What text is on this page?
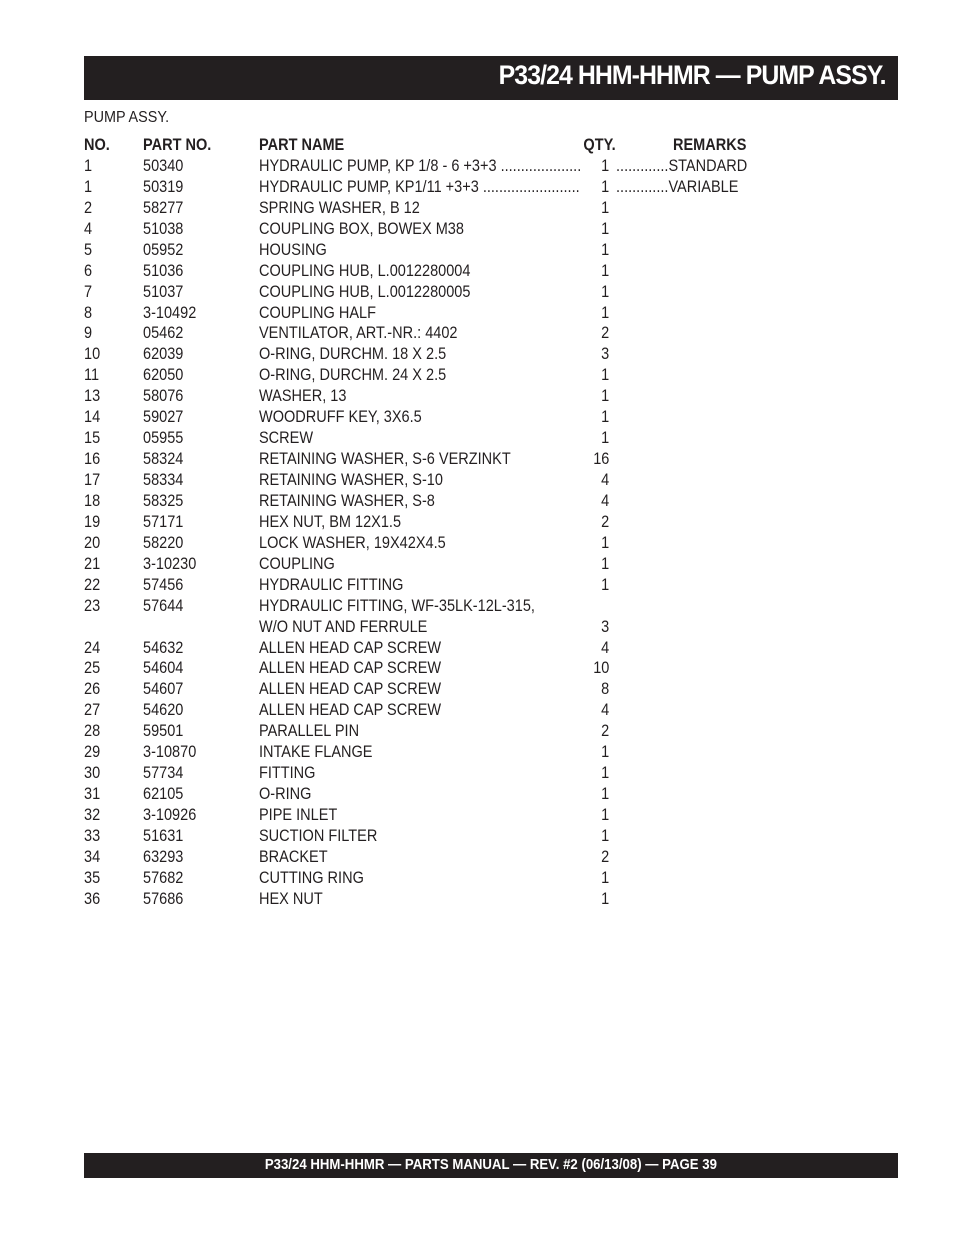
P33/24 HHM-HHMR — PUMP ASSY.
PUMP ASSY.
NO. PART NO.	PART NAME	QTY.	REMARKS
1	50340	HYDRAULIC PUMP, KP 1/8 - 6 +3+3 ....................	1 .............STANDARD
1	50319	HYDRAULIC PUMP, KP1/11 +3+3 ........................	1 .............VARIABLE
2	58277	SPRING WASHER, B 12	1
4	51038	COUPLING BOX, BOWEX M38	1
5	05952	HOUSING	1
6	51036	COUPLING HUB, L.0012280004	1
7	51037	COUPLING HUB, L.0012280005	1
8	3-10492	COUPLING HALF	1
9	05462	VENTILATOR, ART.-NR.: 4402	2
10	62039	O-RING, DURCHM. 18 X 2.5	3
11	62050	O-RING, DURCHM. 24 X 2.5	1
13	58076	WASHER, 13	1
14	59027	WOODRUFF KEY, 3X6.5	1
15	05955	SCREW	1
16	58324	RETAINING WASHER, S-6 VERZINKT	16
17	58334	RETAINING WASHER, S-10	4
18	58325	RETAINING WASHER, S-8	4
19	57171	HEX NUT, BM 12X1.5	2
20	58220	LOCK WASHER, 19X42X4.5	1
21	3-10230	COUPLING	1
22	57456	HYDRAULIC FITTING	1
23	57644	HYDRAULIC FITTING, WF-35LK-12L-315,
W/O NUT AND FERRULE	3
24	54632	ALLEN HEAD CAP SCREW	4
25	54604	ALLEN HEAD CAP SCREW	10
26	54607	ALLEN HEAD CAP SCREW	8
27	54620	ALLEN HEAD CAP SCREW	4
28	59501	PARALLEL PIN	2
29	3-10870	INTAKE FLANGE	1
30	57734	FITTING	1
31	62105	O-RING	1
32	3-10926	PIPE INLET	1
33	51631	SUCTION FILTER	1
34	63293	BRACKET	2
35	57682	CUTTING RING	1
36	57686	HEX NUT	1
P33/24 HHM-HHMR — PARTS MANUAL — REV. #2 (06/13/08) — PAGE 39
